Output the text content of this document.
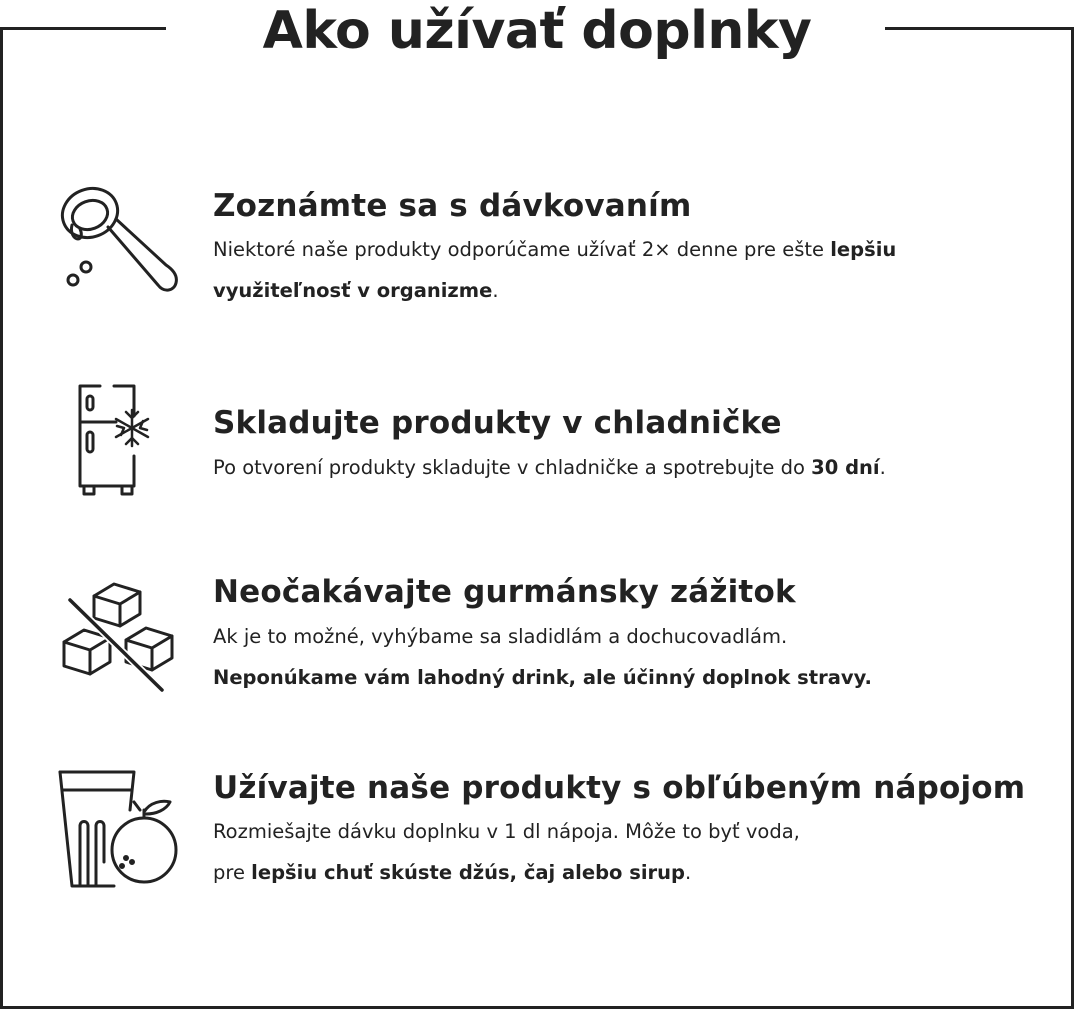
Ako užívať doplnky
Zoznámte sa s dávkovaním
Niektoré naše produkty odporúčame užívať 2× denne pre ešte lepšiu
využiteľnosť v organizme.
Skladujte produkty v chladničke
Po otvorení produkty skladujte v chladničke a spotrebujte do 30 dní.
Neočakávajte gurmánsky zážitok
Ak je to možné, vyhýbame sa sladidlám a dochucovadlám.
Neponúkame vám lahodný drink, ale účinný doplnok stravy.
Užívajte naše produkty s obľúbeným nápojom
Rozmiešajte dávku doplnku v 1 dl nápoja. Môže to byť voda,
pre lepšiu chuť skúste džús, čaj alebo sirup.
